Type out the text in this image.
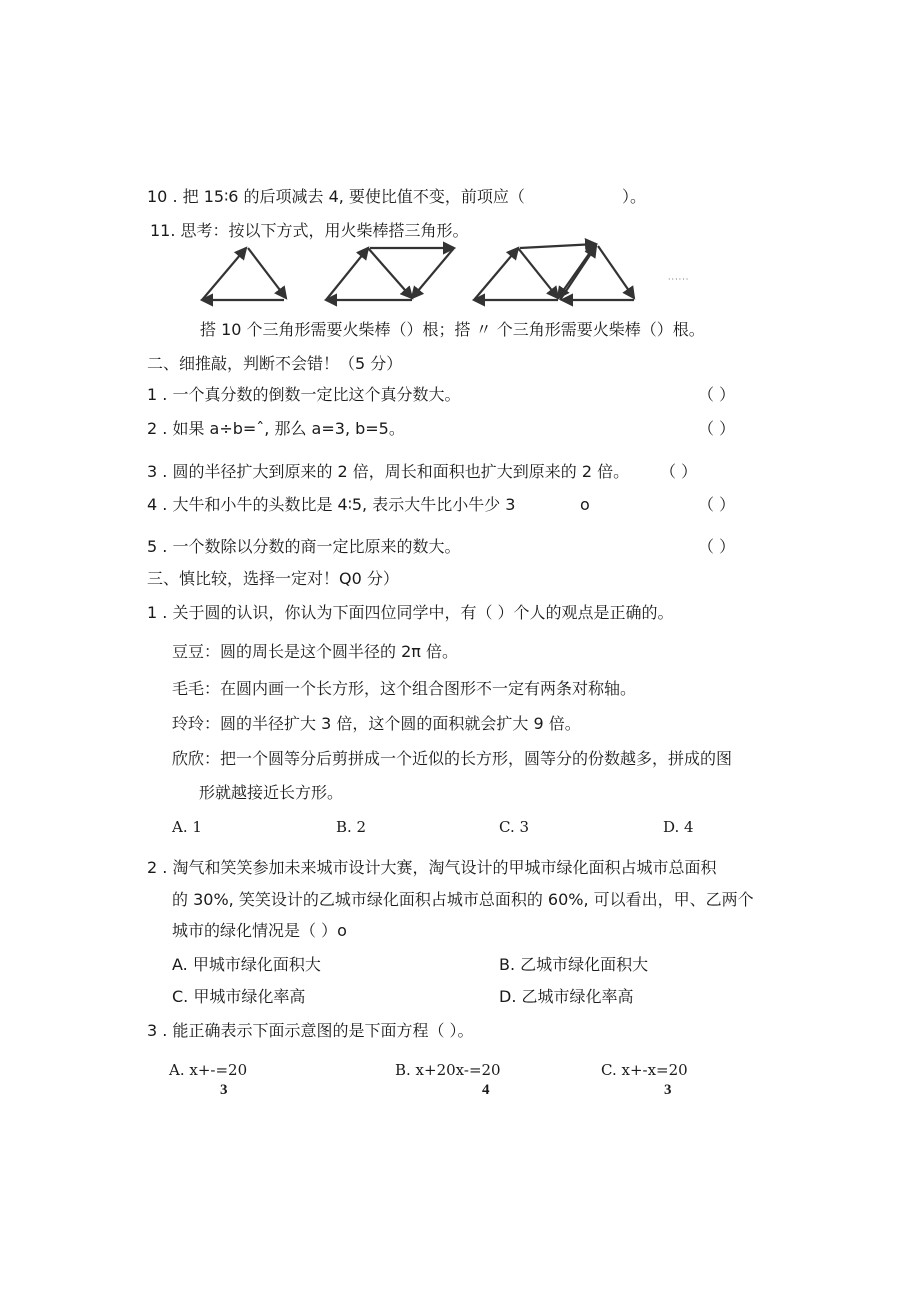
10 . 把 15∶6 的后项减去 4, 要使比值不变，前项应（	）。
11. 思考：按以下方式，用火柴棒搭三角形。
······
搭 10 个三角形需要火柴棒（）根；搭 〃 个三角形需要火柴棒（）根。
二、细推敲，判断不会错！（5 分）
1 . 一个真分数的倒数一定比这个真分数大。	（ ）
2 . 如果 a÷b=ˆ, 那么 a=3, b=5。	（ ）
3 . 圆的半径扩大到原来的 2 倍，周长和面积也扩大到原来的 2 倍。 （ ）
4 . 大牛和小牛的头数比是 4∶5, 表示大牛比小牛少 3	o	（ ）
5 . 一个数除以分数的商一定比原来的数大。	（ ）
三、慎比较，选择一定对！Q0 分）
1 . 关于圆的认识，你认为下面四位同学中，有（ ）个人的观点是正确的。
豆豆：圆的周长是这个圆半径的 2π 倍。
毛毛：在圆内画一个长方形，这个组合图形不一定有两条对称轴。
玲玲：圆的半径扩大 3 倍，这个圆的面积就会扩大 9 倍。
欣欣：把一个圆等分后剪拼成一个近似的长方形，圆等分的份数越多，拼成的图
形就越接近长方形。
A. 1	B. 2	C. 3	D. 4
2 . 淘气和笑笑参加未来城市设计大赛，淘气设计的甲城市绿化面积占城市总面积
的 30%, 笑笑设计的乙城市绿化面积占城市总面积的 60%, 可以看出，甲、乙两个
城市的绿化情况是（ ）o
A. 甲城市绿化面积大	B. 乙城市绿化面积大
C. 甲城市绿化率高	D. 乙城市绿化率高
3 . 能正确表示下面示意图的是下面方程（ ）。
A. x+-=20	B. x+20x-=20	C. x+-x=20
3	4	3
